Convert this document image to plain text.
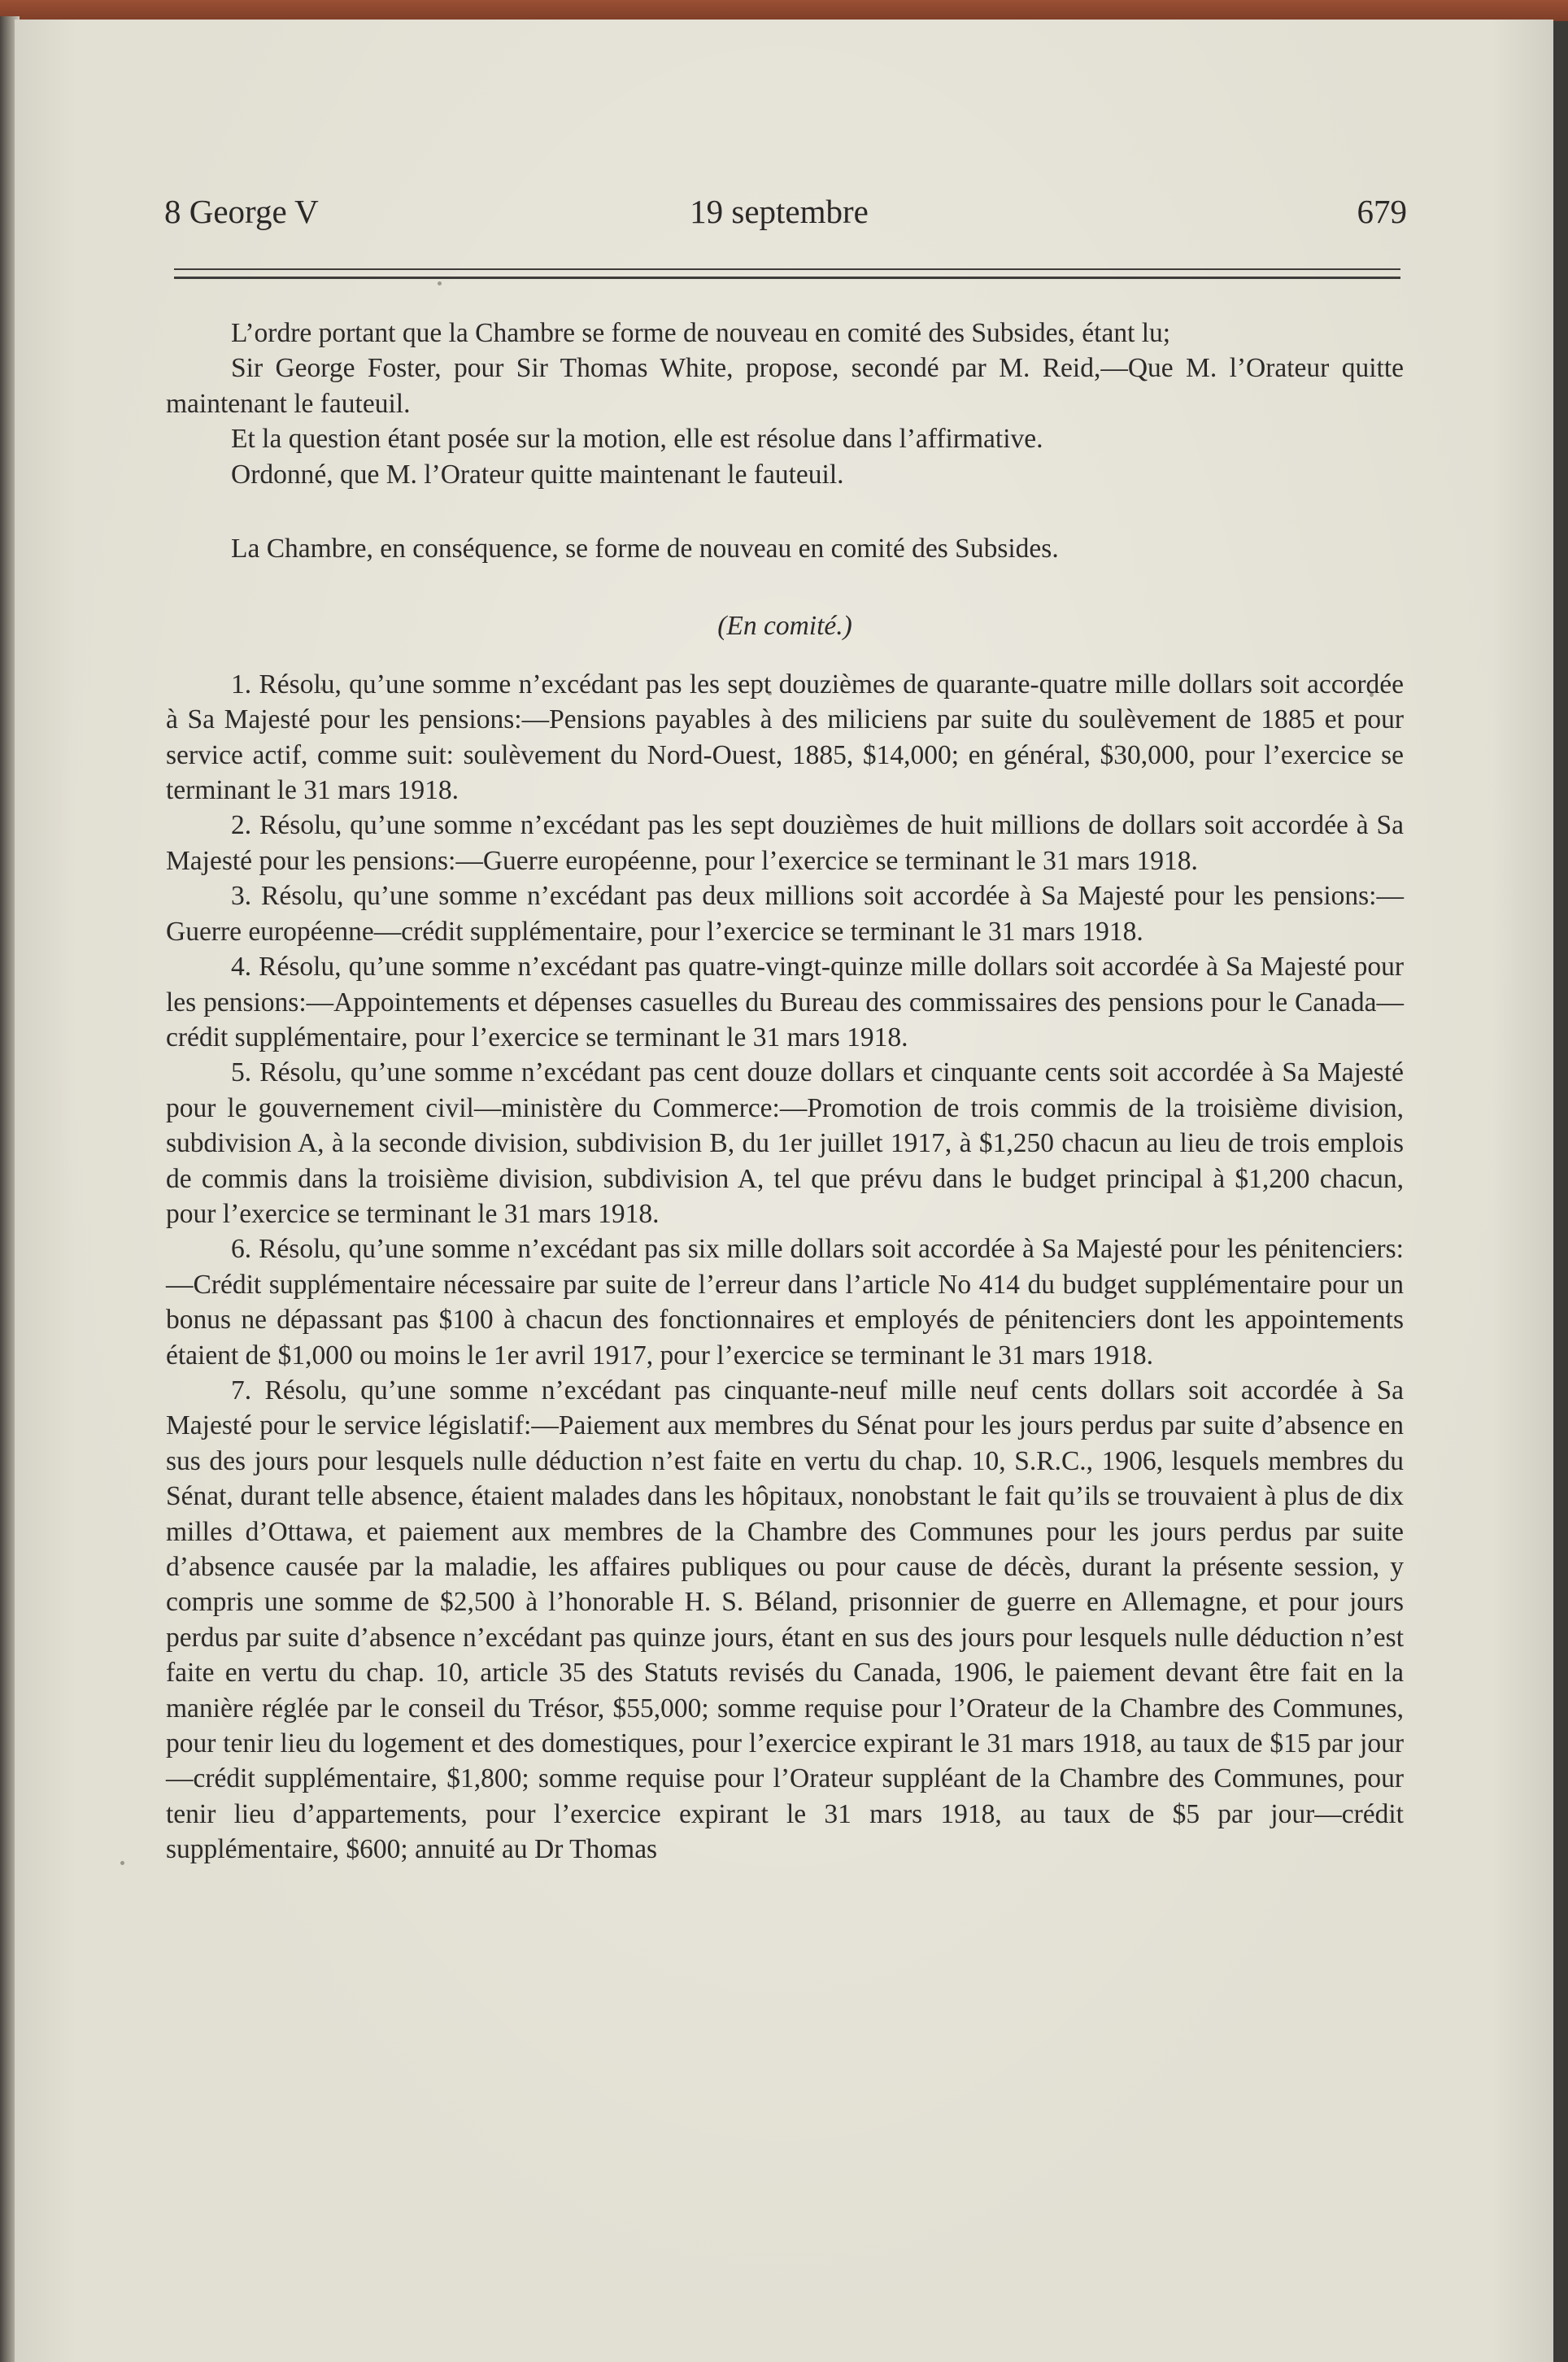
8 George V	19 septembre	679

L’ordre portant que la Chambre se forme de nouveau en comité des Subsides, étant lu;

Sir George Foster, pour Sir Thomas White, propose, secondé par M. Reid,—Que M. l’Orateur quitte maintenant le fauteuil.

Et la question étant posée sur la motion, elle est résolue dans l’affirmative.

Ordonné, que M. l’Orateur quitte maintenant le fauteuil.

La Chambre, en conséquence, se forme de nouveau en comité des Subsides.

(En comité.)

1. Résolu, qu’une somme n’excédant pas les sept douzièmes de quarante-quatre mille dollars soit accordée à Sa Majesté pour les pensions:—Pensions payables à des miliciens par suite du soulèvement de 1885 et pour service actif, comme suit: soulèvement du Nord-Ouest, 1885, $14,000; en général, $30,000, pour l’exercice se terminant le 31 mars 1918.

2. Résolu, qu’une somme n’excédant pas les sept douzièmes de huit millions de dollars soit accordée à Sa Majesté pour les pensions:—Guerre européenne, pour l’exercice se terminant le 31 mars 1918.

3. Résolu, qu’une somme n’excédant pas deux millions soit accordée à Sa Majesté pour les pensions:—Guerre européenne—crédit supplémentaire, pour l’exercice se terminant le 31 mars 1918.

4. Résolu, qu’une somme n’excédant pas quatre-vingt-quinze mille dollars soit accordée à Sa Majesté pour les pensions:—Appointements et dépenses casuelles du Bureau des commissaires des pensions pour le Canada—crédit supplémentaire, pour l’exercice se terminant le 31 mars 1918.

5. Résolu, qu’une somme n’excédant pas cent douze dollars et cinquante cents soit accordée à Sa Majesté pour le gouvernement civil—ministère du Commerce:—Promotion de trois commis de la troisième division, subdivision A, à la seconde division, subdivision B, du 1er juillet 1917, à $1,250 chacun au lieu de trois emplois de commis dans la troisième division, subdivision A, tel que prévu dans le budget principal à $1,200 chacun, pour l’exercice se terminant le 31 mars 1918.

6. Résolu, qu’une somme n’excédant pas six mille dollars soit accordée à Sa Majesté pour les pénitenciers:—Crédit supplémentaire nécessaire par suite de l’erreur dans l’article No 414 du budget supplémentaire pour un bonus ne dépassant pas $100 à chacun des fonctionnaires et employés de pénitenciers dont les appointements étaient de $1,000 ou moins le 1er avril 1917, pour l’exercice se terminant le 31 mars 1918.

7. Résolu, qu’une somme n’excédant pas cinquante-neuf mille neuf cents dollars soit accordée à Sa Majesté pour le service législatif:—Paiement aux membres du Sénat pour les jours perdus par suite d’absence en sus des jours pour lesquels nulle déduction n’est faite en vertu du chap. 10, S.R.C., 1906, lesquels membres du Sénat, durant telle absence, étaient malades dans les hôpitaux, nonobstant le fait qu’ils se trouvaient à plus de dix milles d’Ottawa, et paiement aux membres de la Chambre des Communes pour les jours perdus par suite d’absence causée par la maladie, les affaires publiques ou pour cause de décès, durant la présente session, y compris une somme de $2,500 à l’honorable H. S. Béland, prisonnier de guerre en Allemagne, et pour jours perdus par suite d’absence n’excédant pas quinze jours, étant en sus des jours pour lesquels nulle déduction n’est faite en vertu du chap. 10, article 35 des Statuts revisés du Canada, 1906, le paiement devant être fait en la manière réglée par le conseil du Trésor, $55,000; somme requise pour l’Orateur de la Chambre des Communes, pour tenir lieu du logement et des domestiques, pour l’exercice expirant le 31 mars 1918, au taux de $15 par jour—crédit supplémentaire, $1,800; somme requise pour l’Orateur suppléant de la Chambre des Communes, pour tenir lieu d’appartements, pour l’exercice expirant le 31 mars 1918, au taux de $5 par jour—crédit supplémentaire, $600; annuité au Dr Thomas
